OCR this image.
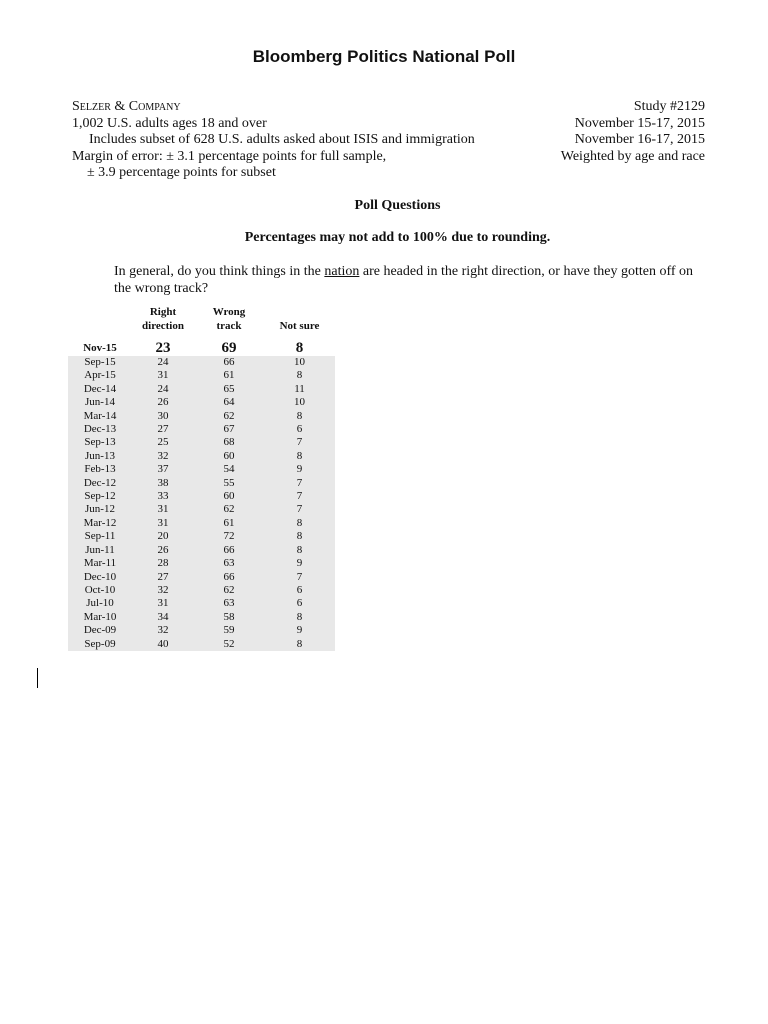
Bloomberg Politics National Poll
Selzer & Company
1,002 U.S. adults ages 18 and over
Includes subset of 628 U.S. adults asked about ISIS and immigration
Margin of error: ± 3.1 percentage points for full sample,
± 3.9 percentage points for subset
Study #2129
November 15-17, 2015
November 16-17, 2015
Weighted by age and race
Poll Questions
Percentages may not add to 100% due to rounding.
In general, do you think things in the nation are headed in the right direction, or have they gotten off on the wrong track?
Right
direction
Wrong
track	Not sure
Nov-15	23	69	8
Sep-15	24	66	10
Apr-15	31	61	8
Dec-14	24	65	11
Jun-14	26	64	10
Mar-14	30	62	8
Dec-13	27	67	6
Sep-13	25	68	7
Jun-13	32	60	8
Feb-13	37	54	9
Dec-12	38	55	7
Sep-12	33	60	7
Jun-12	31	62	7
Mar-12	31	61	8
Sep-11	20	72	8
Jun-11	26	66	8
Mar-11	28	63	9
Dec-10	27	66	7
Oct-10	32	62	6
Jul-10	31	63	6
Mar-10	34	58	8
Dec-09	32	59	9
Sep-09	40	52	8
